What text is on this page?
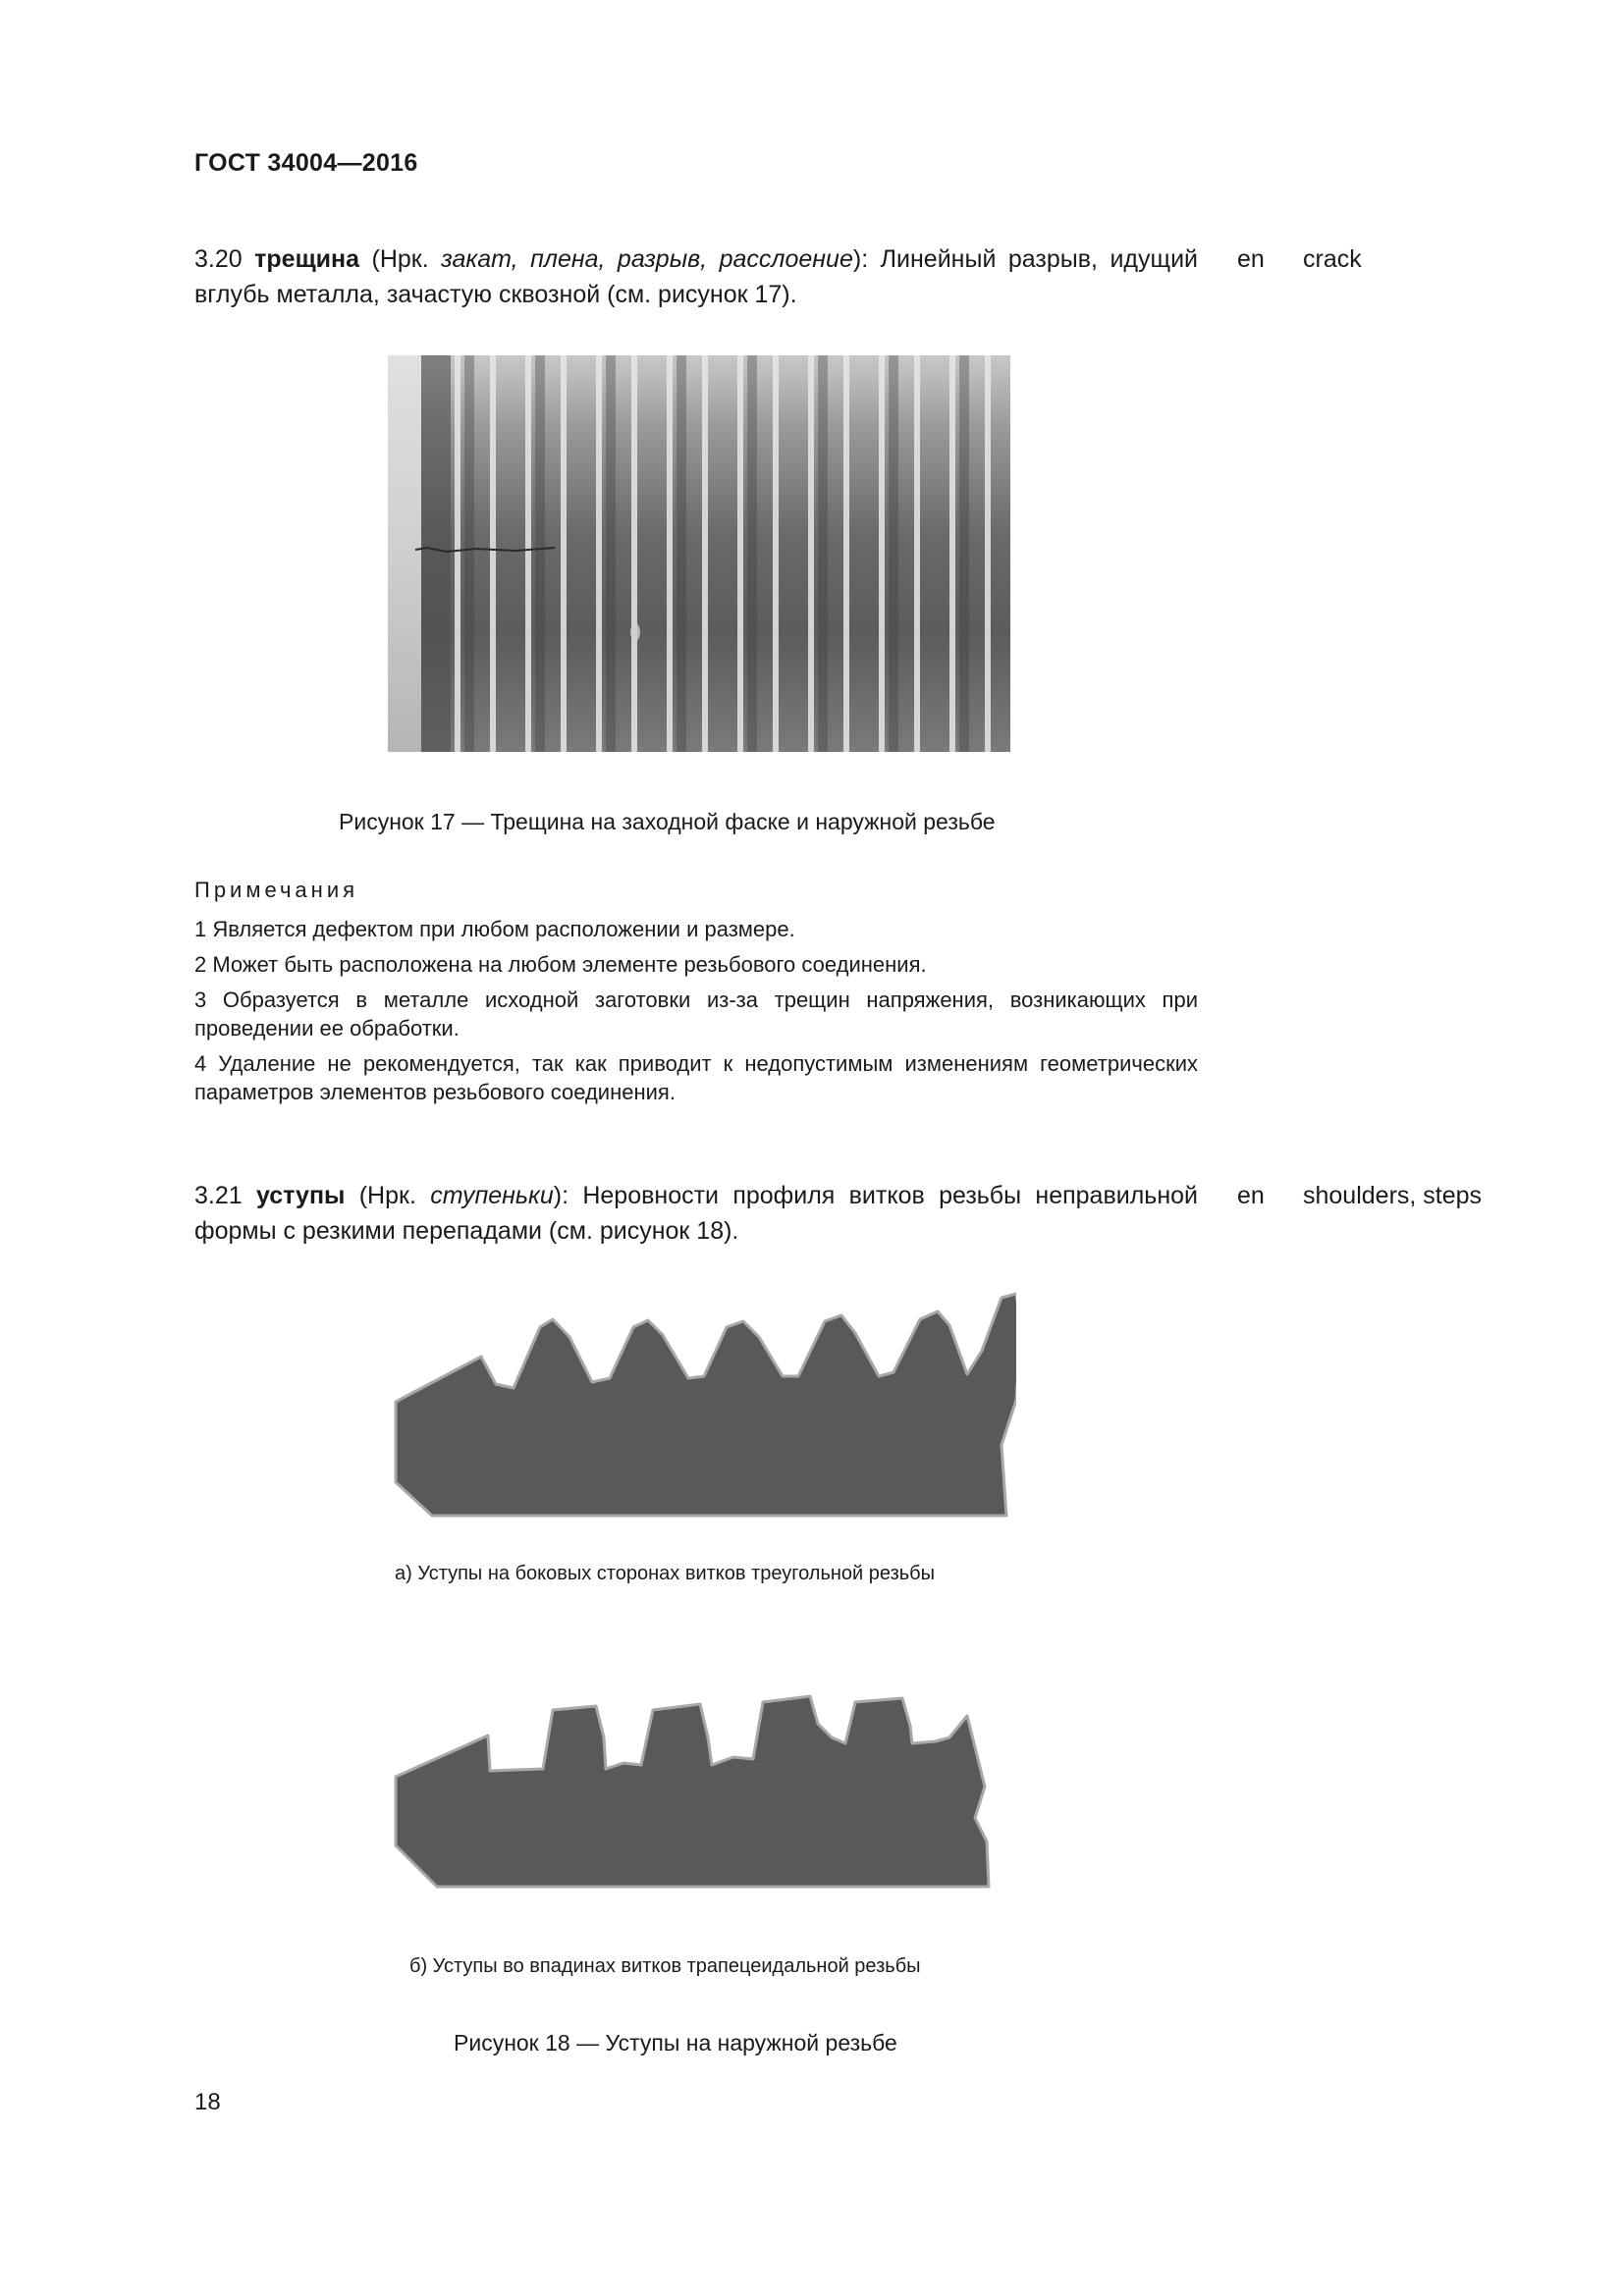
ГОСТ 34004—2016
3.20 трещина (Нрк. закат, плена, разрыв, расслоение): Линейный разрыв, идущий вглубь металла, зачастую сквозной (см. рисунок 17).
en crack
Рисунок 17 — Трещина на заходной фаске и наружной резьбе
Примечания
1 Является дефектом при любом расположении и размере.
2 Может быть расположена на любом элементе резьбового соединения.
3 Образуется в металле исходной заготовки из-за трещин напряжения, возникающих при проведении ее обработки.
4 Удаление не рекомендуется, так как приводит к недопустимым изменениям геометрических параметров элементов резьбового соединения.
3.21 уступы (Нрк. ступеньки): Неровности профиля витков резьбы неправильной формы с резкими перепадами (см. рисунок 18).
en shoulders, steps
а) Уступы на боковых сторонах витков треугольной резьбы
б) Уступы во впадинах витков трапецеидальной резьбы
Рисунок 18 — Уступы на наружной резьбе
18
